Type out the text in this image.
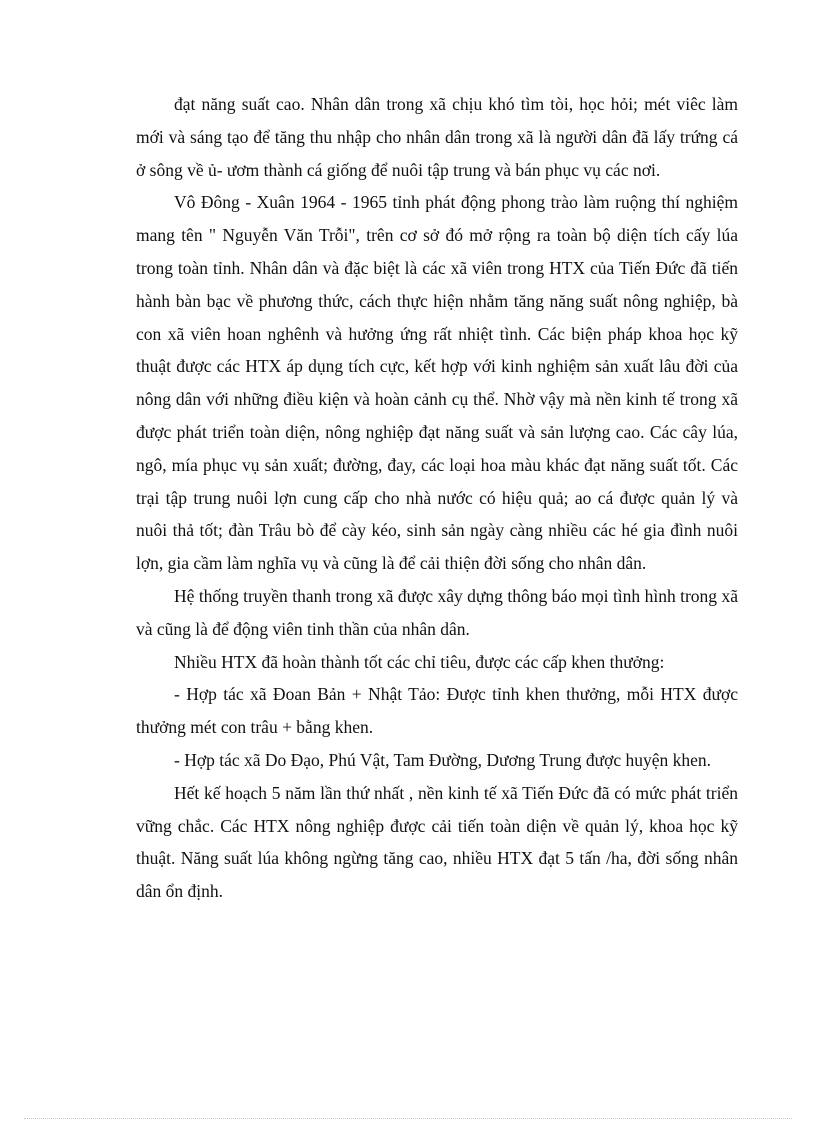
đạt năng suất cao. Nhân dân trong xã chịu khó tìm tòi, học hỏi; mét viêc làm mới và sáng tạo để tăng thu nhập cho nhân dân trong xã là người dân đã lấy trứng cá ở sông về ủ- ươm thành cá giống để nuôi tập trung và bán phục vụ các nơi.

Vô Đông - Xuân 1964 - 1965 tỉnh phát động phong trào làm ruộng thí nghiệm mang tên " Nguyễn Văn Trỗi", trên cơ sở đó mở rộng ra toàn bộ diện tích cấy lúa trong toàn tỉnh. Nhân dân và đặc biệt là các xã viên trong HTX của Tiến Đức đã tiến hành bàn bạc về phương thức, cách thực hiện nhằm tăng năng suất nông nghiệp, bà con xã viên hoan nghênh và hưởng ứng rất nhiệt tình. Các biện pháp khoa học kỹ thuật được các HTX áp dụng tích cực, kết hợp với kinh nghiệm sản xuất lâu đời của nông dân với những điều kiện và hoàn cảnh cụ thể. Nhờ vậy mà nền kinh tế trong xã được phát triển toàn diện, nông nghiệp đạt năng suất và sản lượng cao. Các cây lúa, ngô, mía phục vụ sản xuất; đường, đay, các loại hoa màu khác đạt năng suất tốt. Các trại tập trung nuôi lợn cung cấp cho nhà nước có hiệu quả; ao cá được quản lý và nuôi thả tốt; đàn Trâu bò để cày kéo, sinh sản ngày càng nhiều các hé gia đình nuôi lợn, gia cầm làm nghĩa vụ và cũng là để cải thiện đời sống cho nhân dân.

Hệ thống truyền thanh trong xã được xây dựng thông báo mọi tình hình trong xã và cũng là để động viên tinh thần của nhân dân.

Nhiều HTX đã hoàn thành tốt các chỉ tiêu, được các cấp khen thưởng:

- Hợp tác xã Đoan Bản + Nhật Tảo: Được tỉnh khen thưởng, mỗi HTX được thưởng mét con trâu + bằng khen.

- Hợp tác xã Do Đạo, Phú Vật, Tam Đường, Dương Trung được huyện khen.

Hết kế hoạch 5 năm lần thứ nhất , nền kinh tế xã Tiến Đức đã có mức phát triển vững chắc. Các HTX nông nghiệp được cải tiến toàn diện về quản lý, khoa học kỹ thuật. Năng suất lúa không ngừng tăng cao, nhiều HTX đạt 5 tấn /ha, đời sống nhân dân ổn định.
